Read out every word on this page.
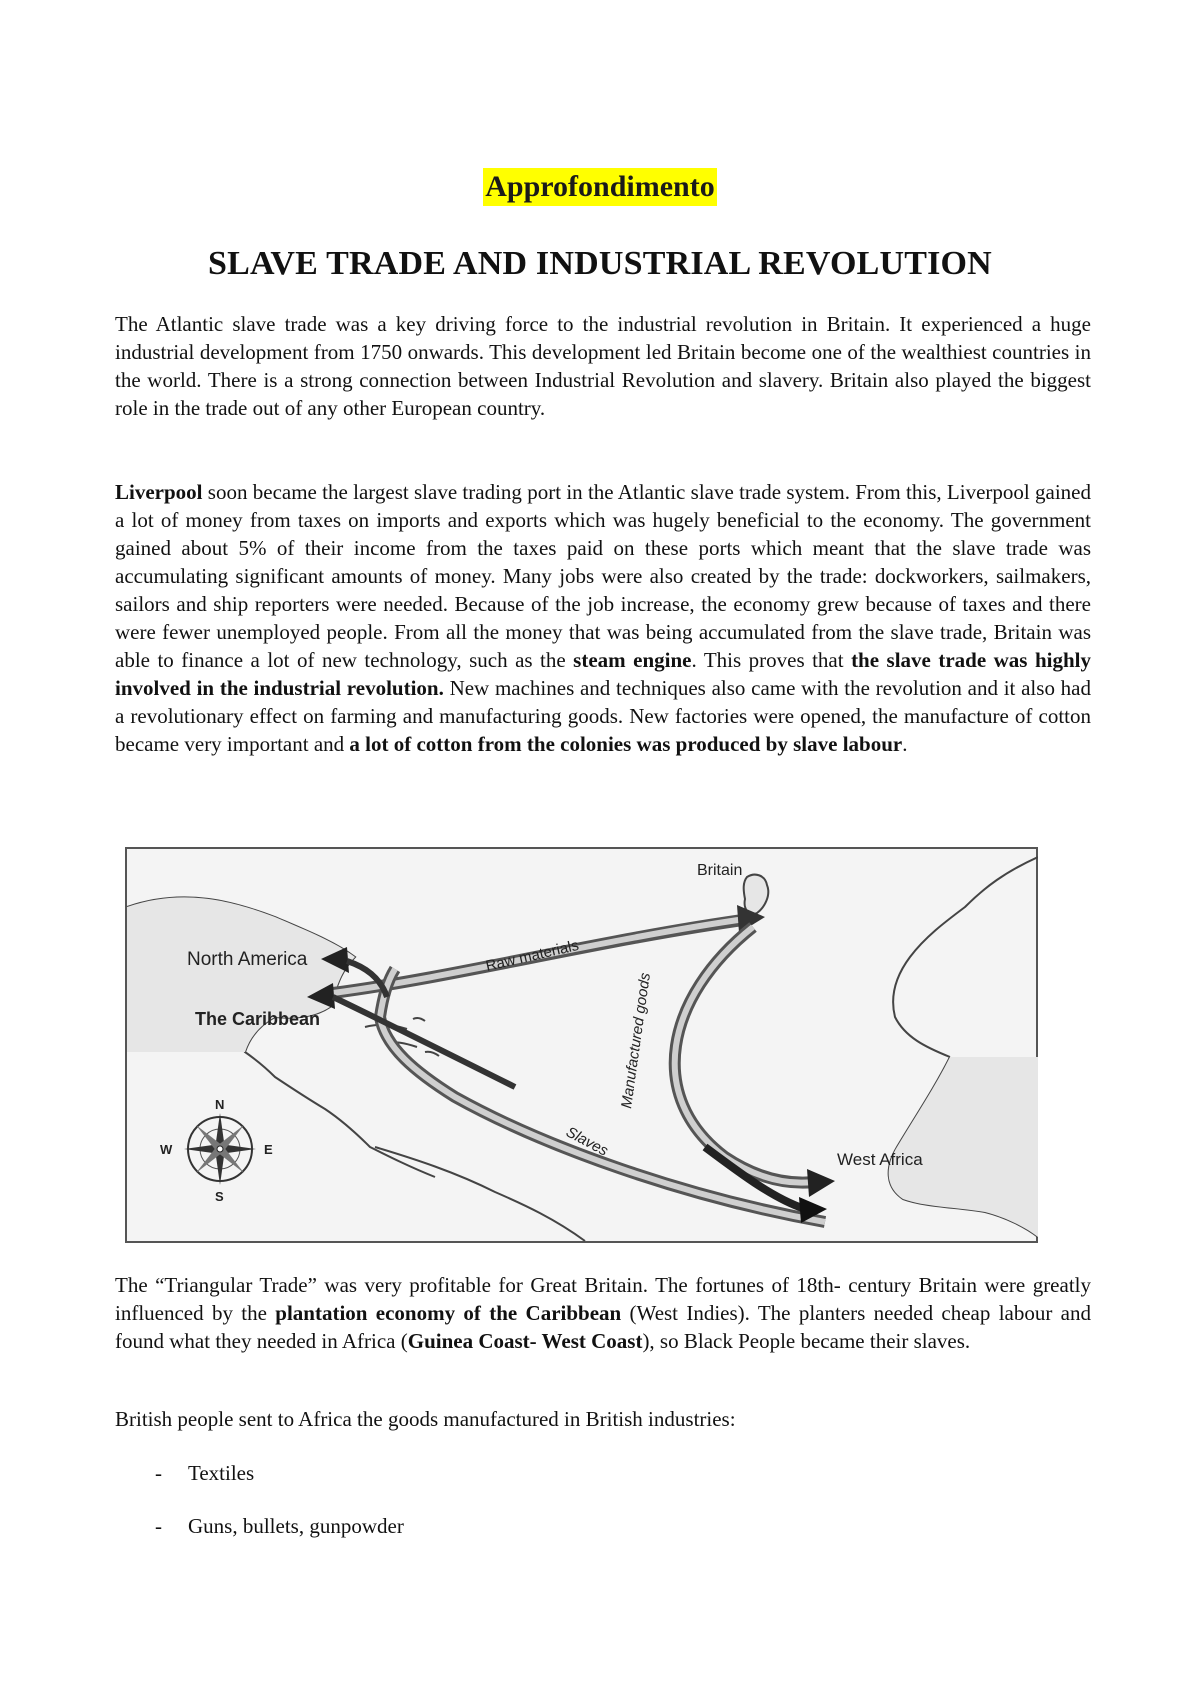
Approfondimento
SLAVE TRADE AND INDUSTRIAL REVOLUTION

The Atlantic slave trade was a key driving force to the industrial revolution in Britain. It experienced a huge industrial development from 1750 onwards. This development led Britain become one of the wealthiest countries in the world. There is a strong connection between Industrial Revolution and slavery. Britain also played the biggest role in the trade out of any other European country.

Liverpool soon became the largest slave trading port in the Atlantic slave trade system. From this, Liverpool gained a lot of money from taxes on imports and exports which was hugely beneficial to the economy. The government gained about 5% of their income from the taxes paid on these ports which meant that the slave trade was accumulating significant amounts of money. Many jobs were also created by the trade: dockworkers, sailmakers, sailors and ship reporters were needed. Because of the job increase, the economy grew because of taxes and there were fewer unemployed people. From all the money that was being accumulated from the slave trade, Britain was able to finance a lot of new technology, such as the steam engine. This proves that the slave trade was highly involved in the industrial revolution. New machines and techniques also came with the revolution and it also had a revolutionary effect on farming and manufacturing goods. New factories were opened, the manufacture of cotton became very important and a lot of cotton from the colonies was produced by slave labour.

Britain
North America
The Caribbean
West Africa
Raw materials
Manufactured goods
Slaves
N
S
E
W

The “Triangular Trade” was very profitable for Great Britain. The fortunes of 18th- century Britain were greatly influenced by the plantation economy of the Caribbean (West Indies). The planters needed cheap labour and found what they needed in Africa (Guinea Coast- West Coast), so Black People became their slaves.

British people sent to Africa the goods manufactured in British industries:

- Textiles
- Guns, bullets, gunpowder
